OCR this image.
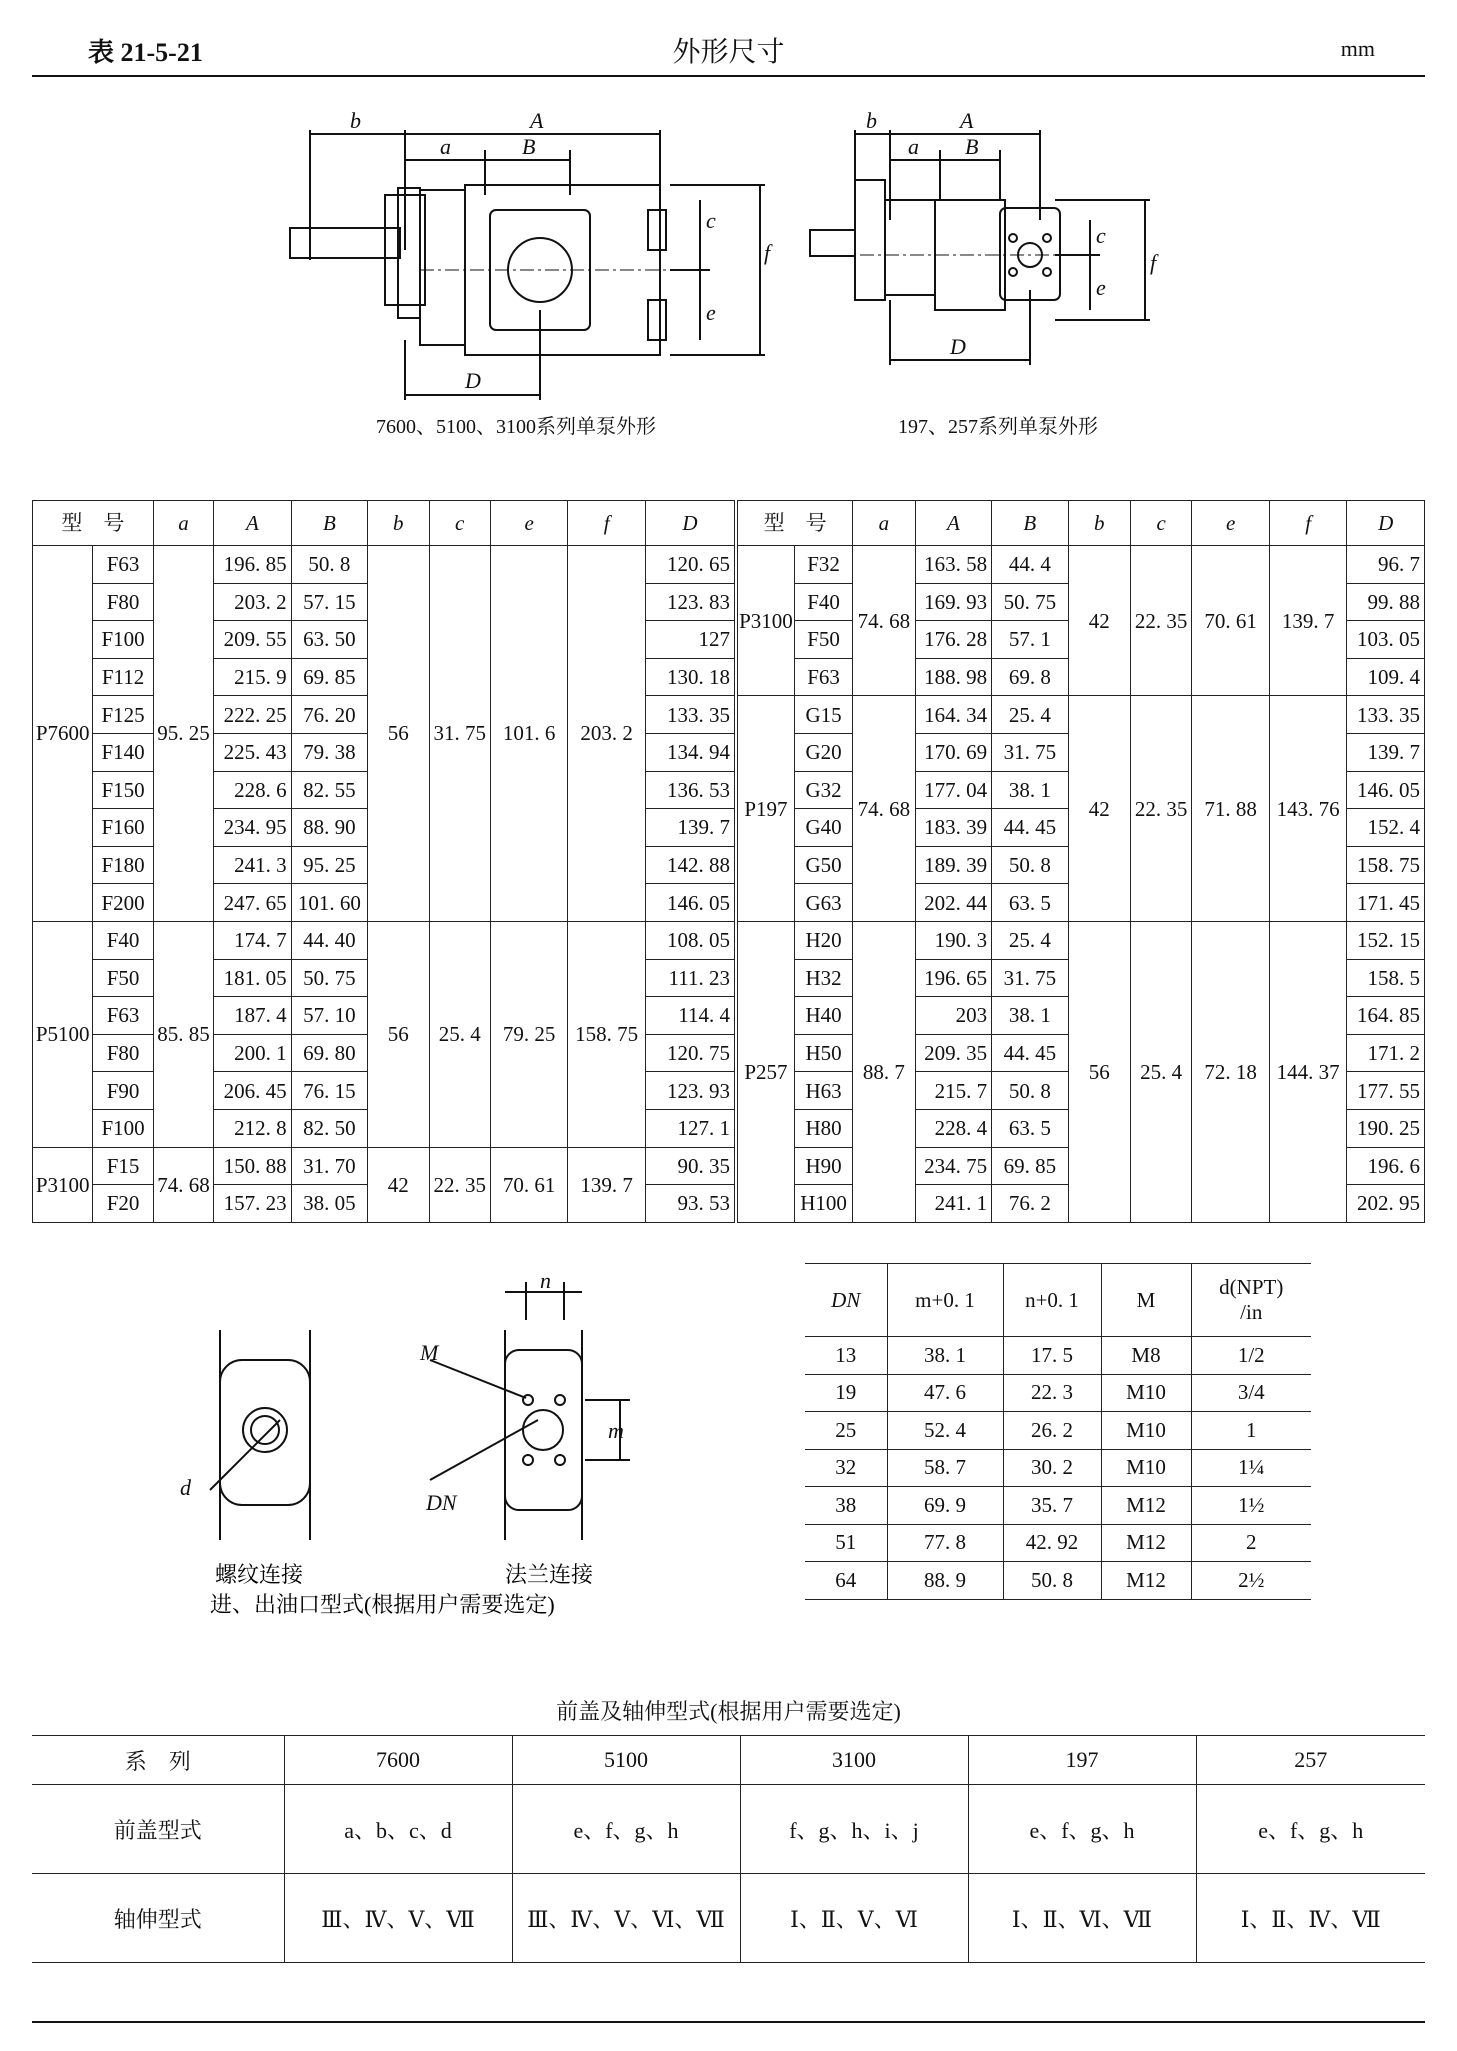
表 21-5-21	外形尺寸	mm
b	A
a	B
c
f
e
D
7600、5100、3100系列单泵外形
b	A
a B
c
f
e
D
197、257系列单泵外形
型　号		a	A	B	b	c	e	f	D	型　号		a	A	B	b	c	e	f	D
P7600	F63	95. 25	196. 85	50. 8	56	31. 75	101. 6	203. 2	120. 65	P3100	F32	74. 68	163. 58	44. 4	42	22. 35	70. 61	139. 7	96. 7
	F80		203. 2	57. 15					123. 83		F40		169. 93	50. 75					99. 88
	F100		209. 55	63. 50					127		F50		176. 28	57. 1					103. 05
	F112		215. 9	69. 85					130. 18		F63		188. 98	69. 8					109. 4
	F125		222. 25	76. 20					133. 35	P197	G15	74. 68	164. 34	25. 4	42	22. 35	71. 88	143. 76	133. 35
	F140		225. 43	79. 38					134. 94		G20		170. 69	31. 75					139. 7
	F150		228. 6	82. 55					136. 53		G32		177. 04	38. 1					146. 05
	F160		234. 95	88. 90					139. 7		G40		183. 39	44. 45					152. 4
	F180		241. 3	95. 25					142. 88		G50		189. 39	50. 8					158. 75
	F200		247. 65	101. 60					146. 05		G63		202. 44	63. 5					171. 45
P5100	F40	85. 85	174. 7	44. 40	56	25. 4	79. 25	158. 75	108. 05	P257	H20	88. 7	190. 3	25. 4	56	25. 4	72. 18	144. 37	152. 15
	F50		181. 05	50. 75					111. 23		H32		196. 65	31. 75					158. 5
	F63		187. 4	57. 10					114. 4		H40		203	38. 1					164. 85
	F80		200. 1	69. 80					120. 75		H50		209. 35	44. 45					171. 2
	F90		206. 45	76. 15					123. 93		H63		215. 7	50. 8					177. 55
	F100		212. 8	82. 50					127. 1		H80		228. 4	63. 5					190. 25
P3100	F15	74. 68	150. 88	31. 70	42	22. 35	70. 61	139. 7	90. 35		H90		234. 75	69. 85					196. 6
	F20		157. 23	38. 05					93. 53		H100		241. 1	76. 2					202. 95
n
M
m
d
DN
螺纹连接	法兰连接
进、出油口型式(根据用户需要选定)
DN	m+0. 1	n+0. 1	M	d(NPT)
/in

13	38. 1	17. 5	M8	1/2
19	47. 6	22. 3	M10	3/4
25	52. 4	26. 2	M10	1
32	58. 7	30. 2	M10	1¼
38	69. 9	35. 7	M12	1½
51	77. 8	42. 92	M12	2
64	88. 9	50. 8	M12	2½
前盖及轴伸型式(根据用户需要选定)
系　列	7600	5100	3100	197	257
前盖型式	a、b、c、d	e、f、g、h	f、g、h、i、j	e、f、g、h	e、f、g、h
轴伸型式	Ⅲ、Ⅳ、Ⅴ、Ⅶ	Ⅲ、Ⅳ、Ⅴ、Ⅵ、Ⅶ	Ⅰ、Ⅱ、Ⅴ、Ⅵ	Ⅰ、Ⅱ、Ⅵ、Ⅶ	Ⅰ、Ⅱ、Ⅳ、Ⅶ
